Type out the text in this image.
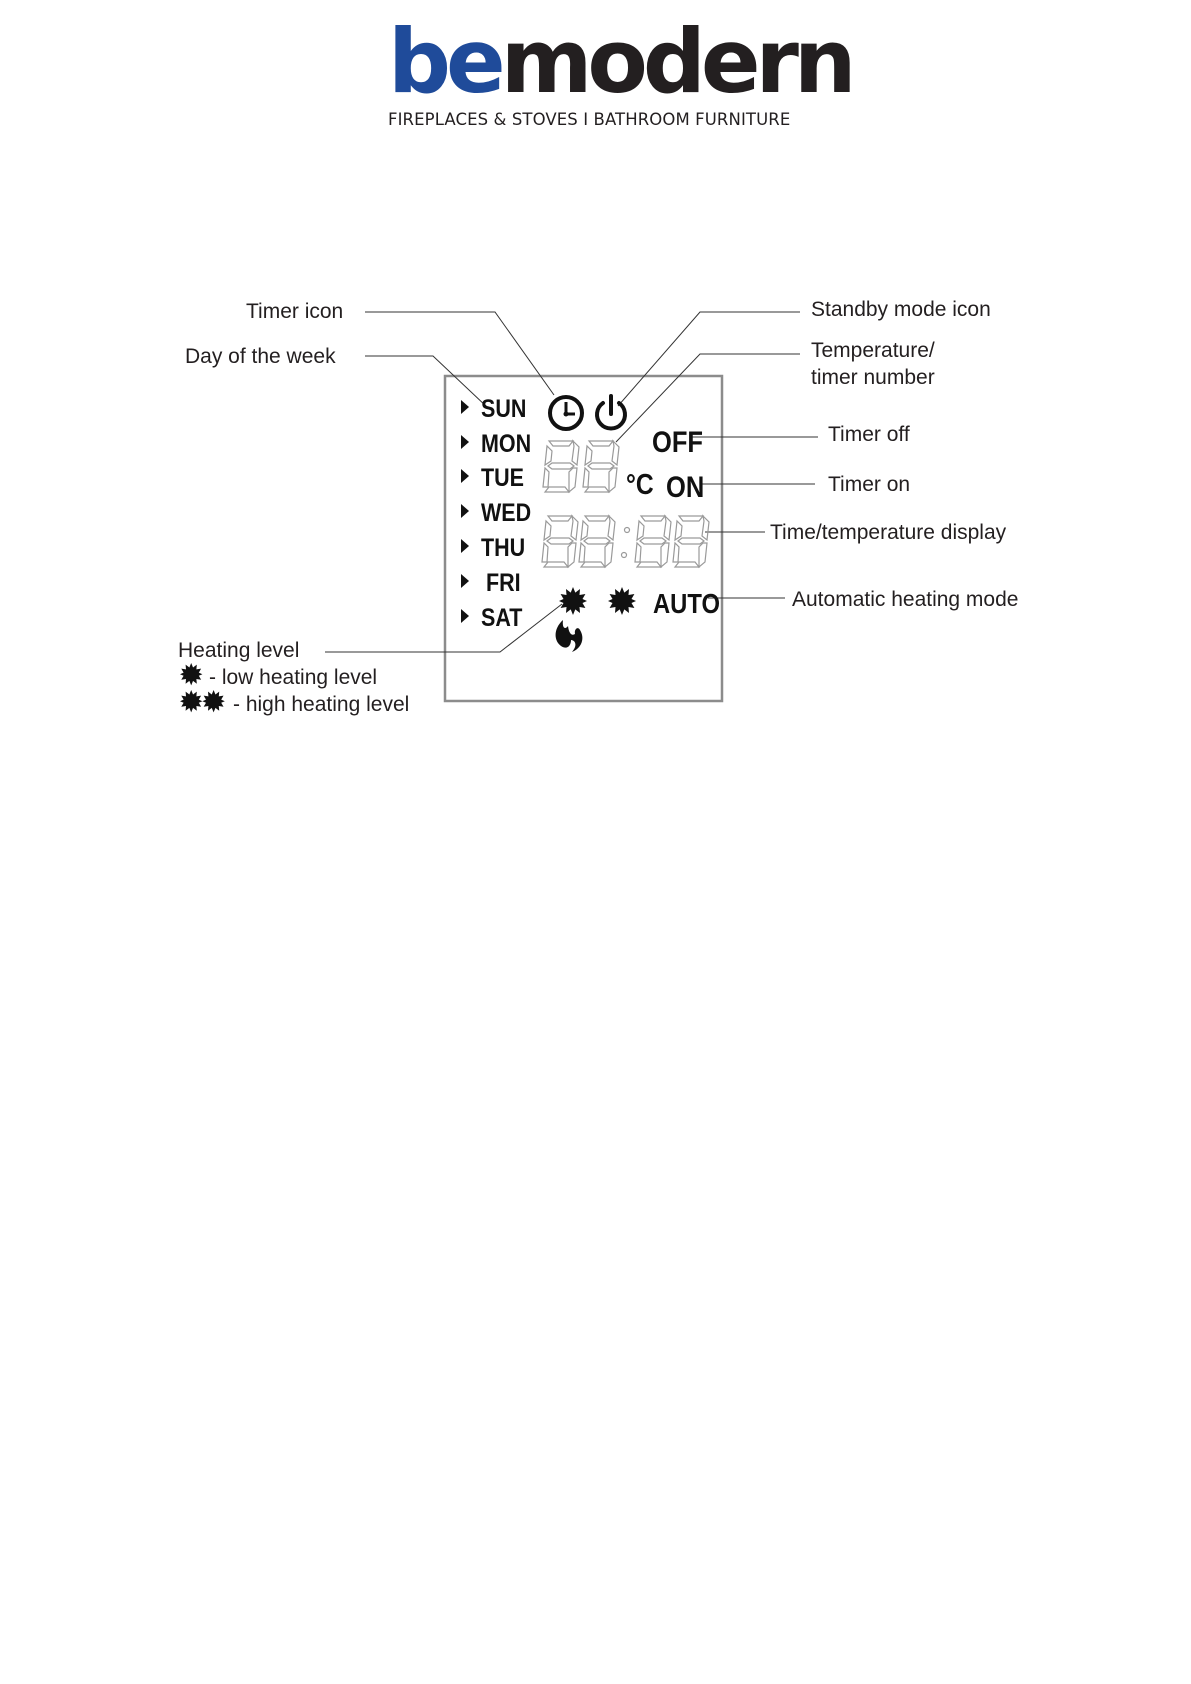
bemodern
FIREPLACES & STOVES I BATHROOM FURNITURE
Timer icon
Day of the week
Standby mode icon
Temperature/
timer number
Timer off
Timer on
Time/temperature display
Automatic heating mode
Heating level
- low heating level
- high heating level
SUN
MON
TUE
WED
THU
FRI
SAT
°C
OFF
ON
AUTO
